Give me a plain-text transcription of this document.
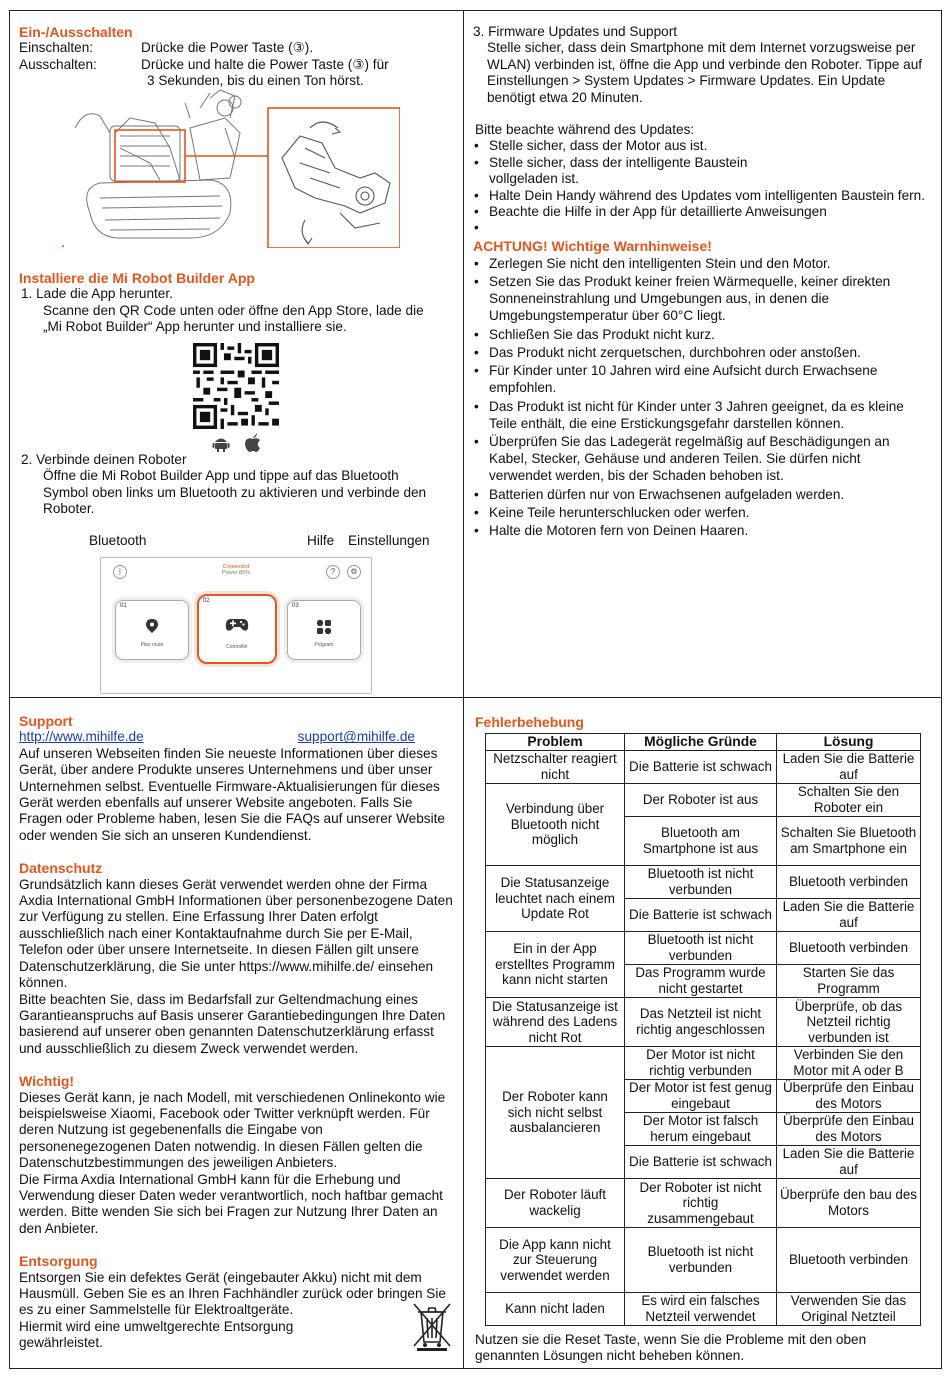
Ein-/Ausschalten
Einschalten:	Drücke die Power Taste (③).
Ausschalten:	Drücke und halte die Power Taste (③) für
3 Sekunden, bis du einen Ton hörst.
Installiere die Mi Robot Builder App
1. Lade die App herunter.
Scanne den QR Code unten oder öffne den App Store, lade die „Mi Robot Builder“ App herunter und installiere sie.
2. Verbinde deinen Roboter
Öffne die Mi Robot Builder App und tippe auf das Bluetooth Symbol oben links um Bluetooth zu aktivieren und verbinde den Roboter.
Bluetooth	Hilfe Einstellungen
ᛒ	?	⚙
Connected
Power 85%
01
Plan route
02
Controller
03
Program
3. Firmware Updates und Support
Stelle sicher, dass dein Smartphone mit dem Internet vorzugsweise per WLAN) verbinden ist, öffne die App und verbinde den Roboter. Tippe auf Einstellungen > System Updates > Firmware Updates. Ein Update benötigt etwa 20 Minuten.
Bitte beachte während des Updates:
• Stelle sicher, dass der Motor aus ist.
• Stelle sicher, dass der intelligente Baustein vollgeladen ist.
• Halte Dein Handy während des Updates vom intelligenten Baustein fern.
• Beachte die Hilfe in der App für detaillierte Anweisungen
•
ACHTUNG! Wichtige Warnhinweise!
• Zerlegen Sie nicht den intelligenten Stein und den Motor.
• Setzen Sie das Produkt keiner freien Wärmequelle, keiner direkten Sonneneinstrahlung und Umgebungen aus, in denen die Umgebungstemperatur über 60°C liegt.
• Schließen Sie das Produkt nicht kurz.
• Das Produkt nicht zerquetschen, durchbohren oder anstoßen.
• Für Kinder unter 10 Jahren wird eine Aufsicht durch Erwachsene empfohlen.
• Das Produkt ist nicht für Kinder unter 3 Jahren geeignet, da es kleine Teile enthält, die eine Erstickungsgefahr darstellen können.
• Überprüfen Sie das Ladegerät regelmäßig auf Beschädigungen an Kabel, Stecker, Gehäuse und anderen Teilen. Sie dürfen nicht verwendet werden, bis der Schaden behoben ist.
• Batterien dürfen nur von Erwachsenen aufgeladen werden.
• Keine Teile herunterschlucken oder werfen.
• Halte die Motoren fern von Deinen Haaren.
Support
http://www.mihilfe.de	support@mihilfe.de
Auf unseren Webseiten finden Sie neueste Informationen über dieses Gerät, über andere Produkte unseres Unternehmens und über unser Unternehmen selbst. Eventuelle Firmware-Aktualisierungen für dieses Gerät werden ebenfalls auf unserer Website angeboten. Falls Sie Fragen oder Probleme haben, lesen Sie die FAQs auf unserer Website oder wenden Sie sich an unseren Kundendienst.
Datenschutz
Grundsätzlich kann dieses Gerät verwendet werden ohne der Firma Axdia International GmbH Informationen über personenbezogene Daten zur Verfügung zu stellen. Eine Erfassung Ihrer Daten erfolgt ausschließlich nach einer Kontaktaufnahme durch Sie per E-Mail, Telefon oder über unsere Internetseite. In diesen Fällen gilt unsere Datenschutzerklärung, die Sie unter https://www.mihilfe.de/ einsehen können.
Bitte beachten Sie, dass im Bedarfsfall zur Geltendmachung eines Garantieanspruchs auf Basis unserer Garantiebedingungen Ihre Daten basierend auf unserer oben genannten Datenschutzerklärung erfasst und ausschließlich zu diesem Zweck verwendet werden.
Wichtig!
Dieses Gerät kann, je nach Modell, mit verschiedenen Onlinekonto wie beispielsweise Xiaomi, Facebook oder Twitter verknüpft werden. Für deren Nutzung ist gegebenenfalls die Eingabe von personenegezogenen Daten notwendig. In diesen Fällen gelten die Datenschutzbestimmungen des jeweiligen Anbieters.
Die Firma Axdia International GmbH kann für die Erhebung und Verwendung dieser Daten weder verantwortlich, noch haftbar gemacht werden. Bitte wenden Sie sich bei Fragen zur Nutzung Ihrer Daten an den Anbieter.
Entsorgung
Entsorgen Sie ein defektes Gerät (eingebauter Akku) nicht mit dem Hausmüll. Geben Sie es an Ihren Fachhändler zurück oder bringen Sie es zu einer Sammelstelle für Elektroaltgeräte.
Hiermit wird eine umweltgerechte Entsorgung gewährleistet.
Fehlerbehebung
Problem	Mögliche Gründe	Lösung
Netzschalter reagiert nicht	Die Batterie ist schwach	Laden Sie die Batterie auf
Verbindung über Bluetooth nicht möglich	Der Roboter ist aus	Schalten Sie den Roboter ein
	Bluetooth am Smartphone ist aus	Schalten Sie Bluetooth am Smartphone ein
Die Statusanzeige leuchtet nach einem Update Rot	Bluetooth ist nicht verbunden	Bluetooth verbinden
	Die Batterie ist schwach	Laden Sie die Batterie auf
Ein in der App erstelltes Programm kann nicht starten	Bluetooth ist nicht verbunden	Bluetooth verbinden
	Das Programm wurde nicht gestartet	Starten Sie das Programm
Die Statusanzeige ist während des Ladens nicht Rot	Das Netzteil ist nicht richtig angeschlossen	Überprüfe, ob das Netzteil richtig verbunden ist
Der Roboter kann sich nicht selbst ausbalancieren	Der Motor ist nicht richtig verbunden	Verbinden Sie den Motor mit A oder B
	Der Motor ist fest genug eingebaut	Überprüfe den Einbau des Motors
	Der Motor ist falsch herum eingebaut	Überprüfe den Einbau des Motors
	Die Batterie ist schwach	Laden Sie die Batterie auf
Der Roboter läuft wackelig	Der Roboter ist nicht richtig zusammengebaut	Überprüfe den bau des Motors
Die App kann nicht zur Steuerung verwendet werden	Bluetooth ist nicht verbunden	Bluetooth verbinden
Kann nicht laden	Es wird ein falsches Netzteil verwendet	Verwenden Sie das Original Netzteil
Nutzen sie die Reset Taste, wenn Sie die Probleme mit den oben genannten Lösungen nicht beheben können.
